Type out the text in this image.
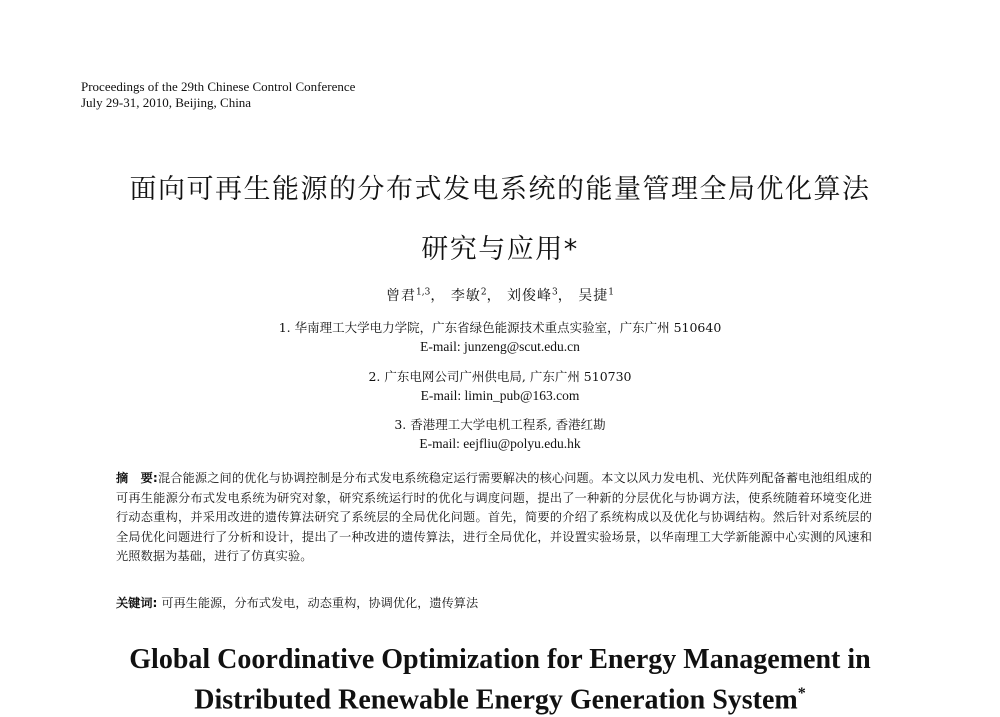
Proceedings of the 29th Chinese Control Conference
July 29-31, 2010, Beijing, China
面向可再生能源的分布式发电系统的能量管理全局优化算法
研究与应用*
曾君$^{1,3}$， 李敏$^2$， 刘俊峰$^3$， 吴捷$^1$
1. 华南理工大学电力学院，广东省绿色能源技术重点实验室，广东广州 510640
E-mail: junzeng@scut.edu.cn
2. 广东电网公司广州供电局, 广东广州 510730
E-mail: limin_pub@163.com
3. 香港理工大学电机工程系, 香港红勘
E-mail: eejfliu@polyu.edu.hk
摘　要:混合能源之间的优化与协调控制是分布式发电系统稳定运行需要解决的核心问题。本文以风力发电机、光伏阵列配备蓄电池组组成的可再生能源分布式发电系统为研究对象，研究系统运行时的优化与调度问题，提出了一种新的分层优化与协调方法，使系统随着环境变化进行动态重构，并采用改进的遗传算法研究了系统层的全局优化问题。首先，简要的介绍了系统构成以及优化与协调结构。然后针对系统层的全局优化问题进行了分析和设计，提出了一种改进的遗传算法，进行全局优化，并设置实验场景，以华南理工大学新能源中心实测的风速和光照数据为基础，进行了仿真实验。
关键词: 可再生能源，分布式发电，动态重构，协调优化，遗传算法
Global Coordinative Optimization for Energy Management in
Distributed Renewable Energy Generation System*
